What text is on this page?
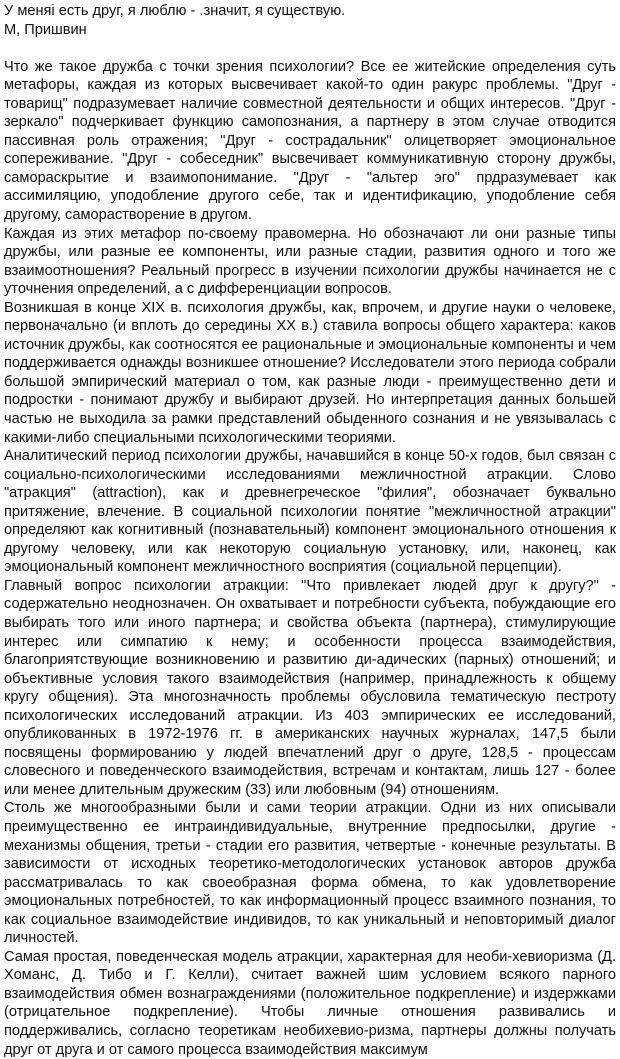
У меняi есть друг, я люблю - .значит, я существую.

М, Пришвин

Что же такое дружба с точки зрения психологии? Все ее житейские определения суть метафоры, каждая из которых высвечивает какой-то один ракурс проблемы. "Друг - товарищ" подразумевает наличие совместной деятельности и общих интересов. "Друг - зеркало" подчеркивает функцию самопознания, а партнеру в этом случае отводится пассивная роль отражения; "Друг - сострадальник" олицетворяет эмоциональное сопереживание. "Друг - собеседник" высвечивает коммуникативную сторону дружбы, самораскрытие и взаимопонимание. "Друг - "альтер эго" прдразумевает как ассимиляцию, уподобление другого себе, так и идентификацию, уподобление себя другому, саморастворение в другом.

Каждая из этих метафор по-своему правомерна. Но обозначают ли они разные типы дружбы, или разные ее компоненты, или разные стадии, развития одного и того же взаимоотношения? Реальный прогресс в изучении психологии дружбы начинается не с уточнения определений, а с дифференциации вопросов.

Возникшая в конце XIX в. психология дружбы, как, впрочем, и другие науки о человеке, первоначально (и вплоть до середины XX в.) ставила вопросы общего характера: каков источник дружбы, как соотносятся ее рациональные и эмоциональные компоненты и чем поддерживается однажды возникшее отношение? Исследователи этого периода собрали большой эмпирический материал о том, как разные люди - преимущественно дети и подростки - понимают дружбу и выбирают друзей. Но интерпретация данных большей частью не выходила за рамки представлений обыденного сознания и не увязывалась с какими-либо специальными психологическими теориями.

Аналитический период психологии дружбы, начавшийся в конце 50-х годов, был связан с социально-психологическими исследованиями межличностной атракции. Слово "атракция" (attraction), как и древнегреческое "филия", обозначает буквально притяжение, влечение. В социальной психологии понятие "межличностной атракции" определяют как когнитивный (познавательный) компонент эмоционального отношения к другому человеку, или как некоторую социальную установку, или, наконец, как эмоциональный компонент межличностного восприятия (социальной перцепции).

Главный вопрос психологии атракции: "Что привлекает людей друг к другу?" - содержательно неоднозначен. Он охватывает и потребности субъекта, побуждающие его выбирать того или иного партнера; и свойства объекта (партнера), стимулирующие интерес или симпатию к нему; и особенности процесса взаимодействия, благоприятствующие возникновению и развитию ди-адических (парных) отношений; и объективные условия такого взаимодействия (например, принадлежность к общему кругу общения). Эта многозначность проблемы обусловила тематическую пестроту психологических исследований атракции. Из 403 эмпирических ее исследований, опубликованных в 1972-1976 гг. в американских научных журналах, 147,5 были посвящены формированию у людей впечатлений друг о друге, 128,5 - процессам словесного и поведенческого взаимодействия, встречам и контактам, лишь 127 - более или менее длительным дружеским (33) или любовным (94) отношениям.

Столь же многообразными были и сами теории атракции. Одни из них описывали преимущественно ее интраиндивидуальные, внутренние предпосылки, другие - механизмы общения, третьи - стадии его развития, четвертые - конечные результаты. В зависимости от исходных теоретико-методологических установок авторов дружба рассматривалась то как своеобразная форма обмена, то как удовлетворение эмоциональных потребностей, то как информационный процесс взаимного познания, то как социальное взаимодействие индивидов, то как уникальный и неповторимый диалог личностей.

Самая простая, поведенческая модель атракции, характерная для необи-хевиоризма (Д. Хоманс, Д. Тибо и Г. Келли), считает важней шим условием всякого парного взаимодействия обмен вознаграждениями (положительное подкрепление) и издержками (отрицательное подкрепление). Чтобы личные отношения развивались и поддерживались, согласно теоретикам необихевио-ризма, партнеры должны получать друг от друга и от самого процесса взаимодействия максимум
